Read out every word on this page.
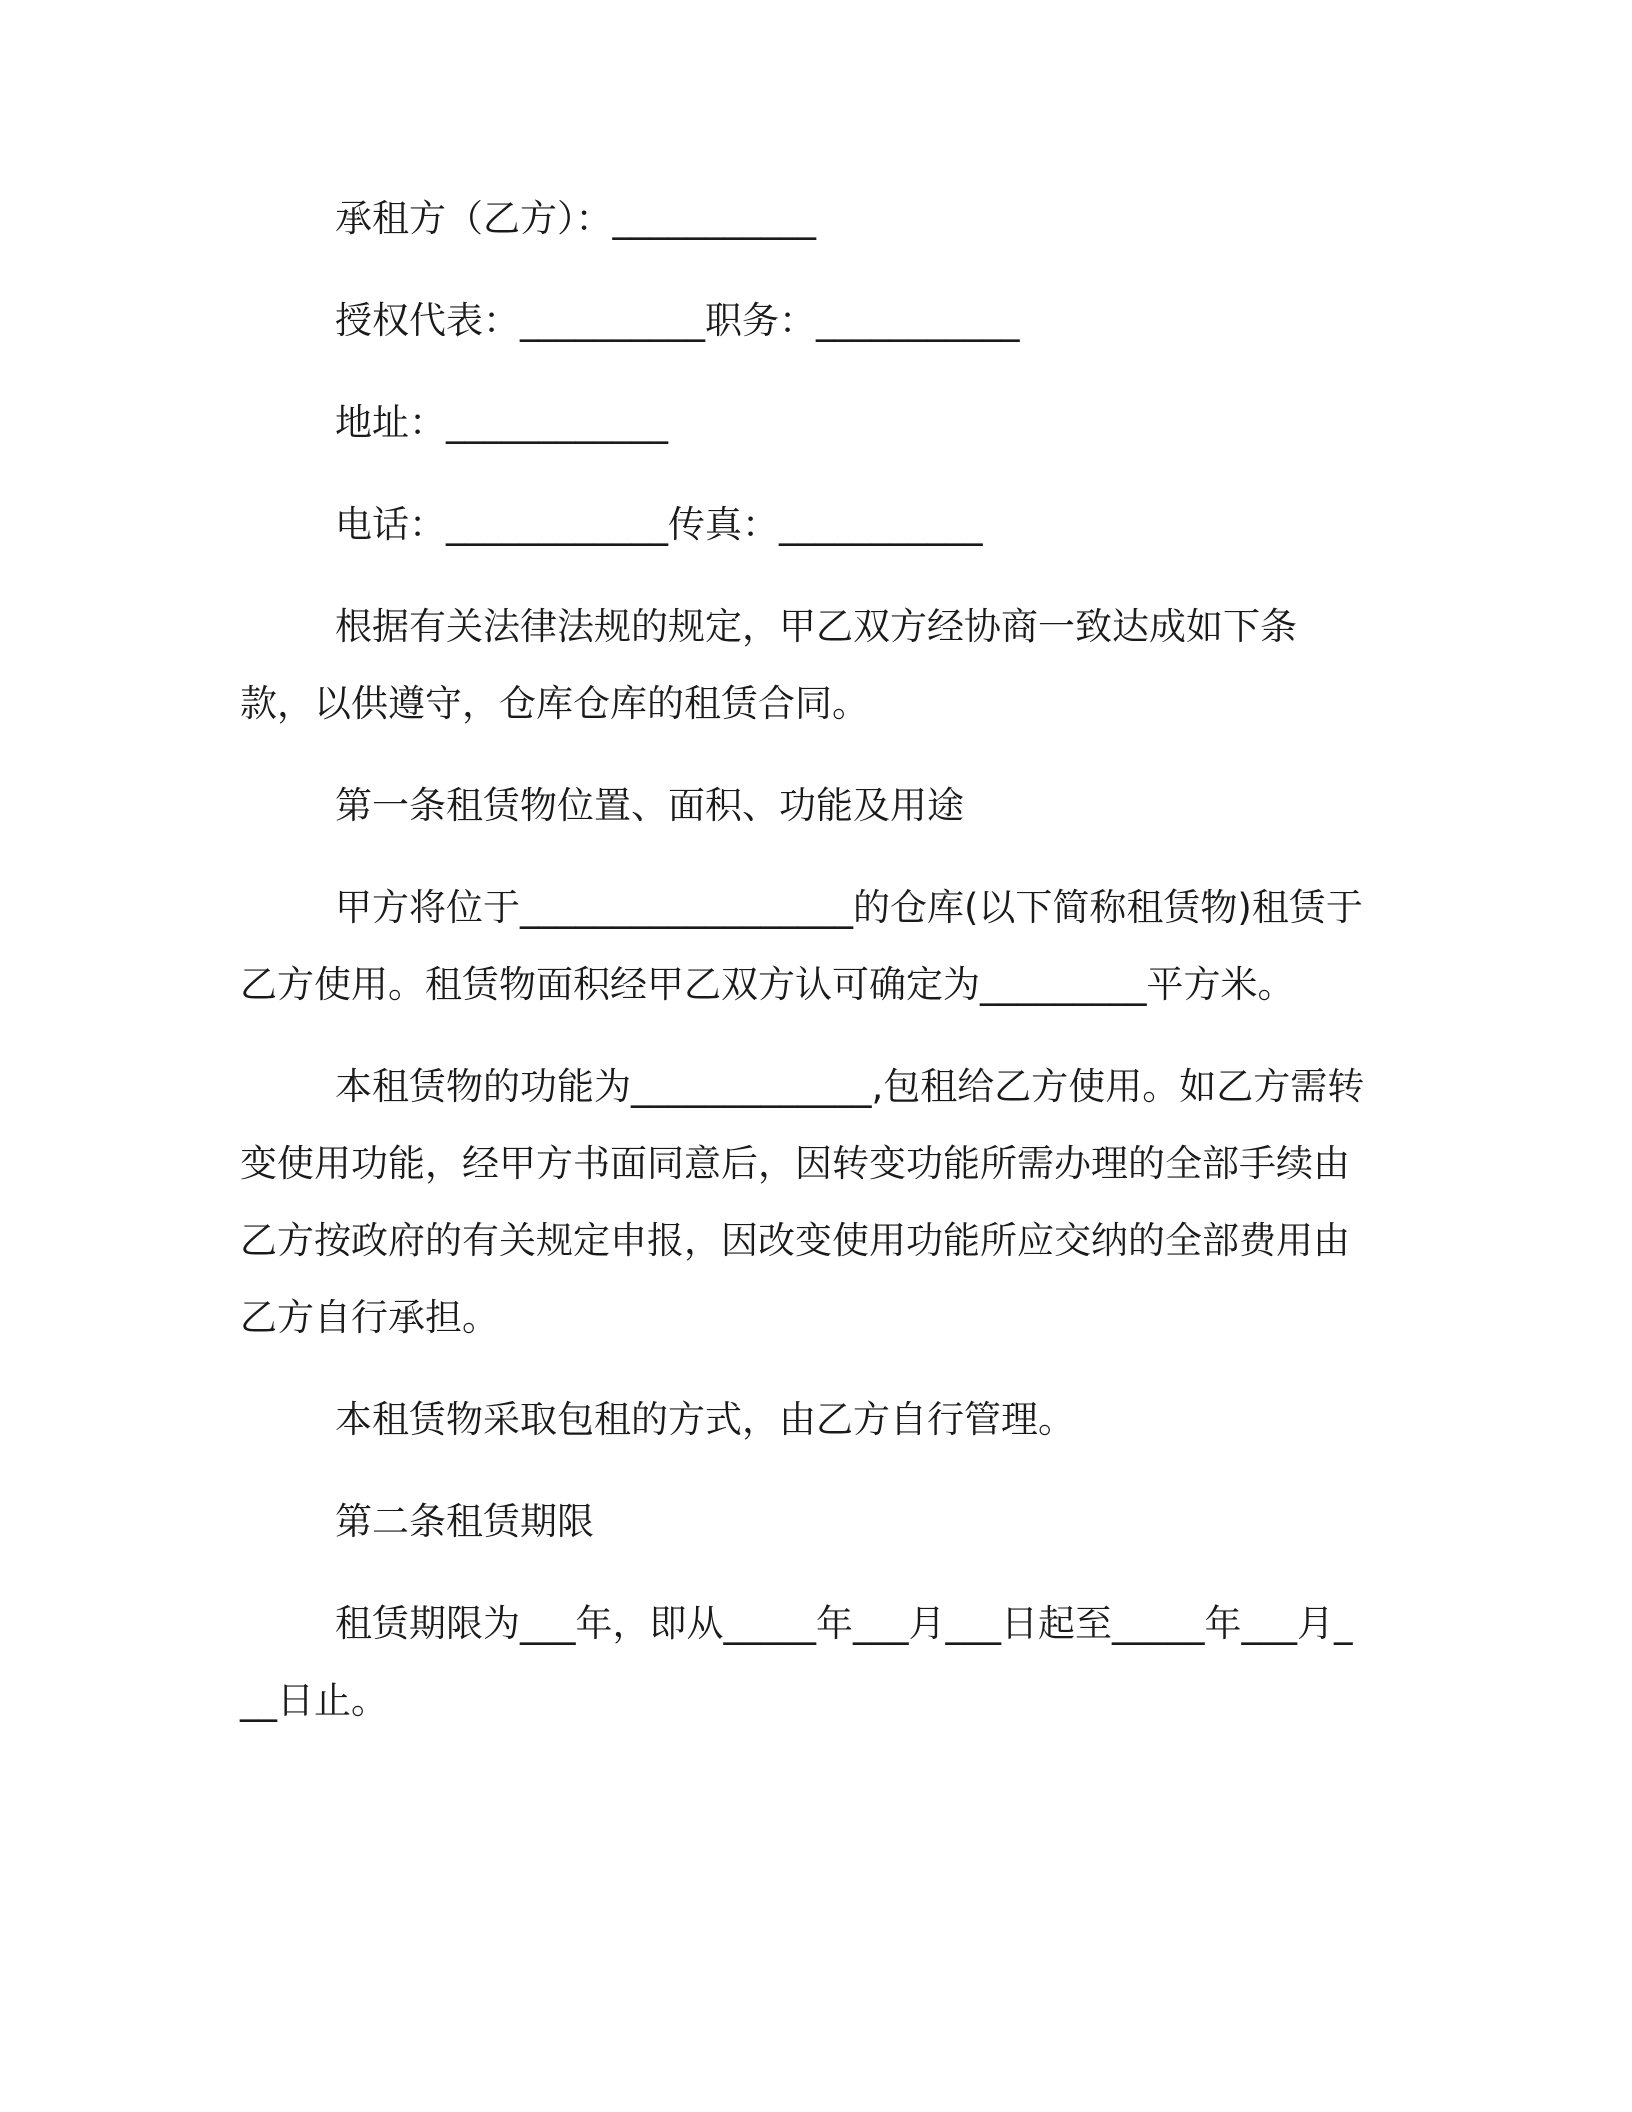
承租方（乙方）：___________

授权代表：__________职务：___________

地址：____________

电话：____________传真：___________

根据有关法律法规的规定，甲乙双方经协商一致达成如下条款，以供遵守，仓库仓库的租赁合同。

第一条租赁物位置、面积、功能及用途

甲方将位于__________________的仓库(以下简称租赁物)租赁于乙方使用。租赁物面积经甲乙双方认可确定为_________平方米。

本租赁物的功能为_____________,包租给乙方使用。如乙方需转变使用功能，经甲方书面同意后，因转变功能所需办理的全部手续由乙方按政府的有关规定申报，因改变使用功能所应交纳的全部费用由乙方自行承担。

本租赁物采取包租的方式，由乙方自行管理。

第二条租赁期限

租赁期限为___年，即从_____年___月___日起至_____年___月___日止。
